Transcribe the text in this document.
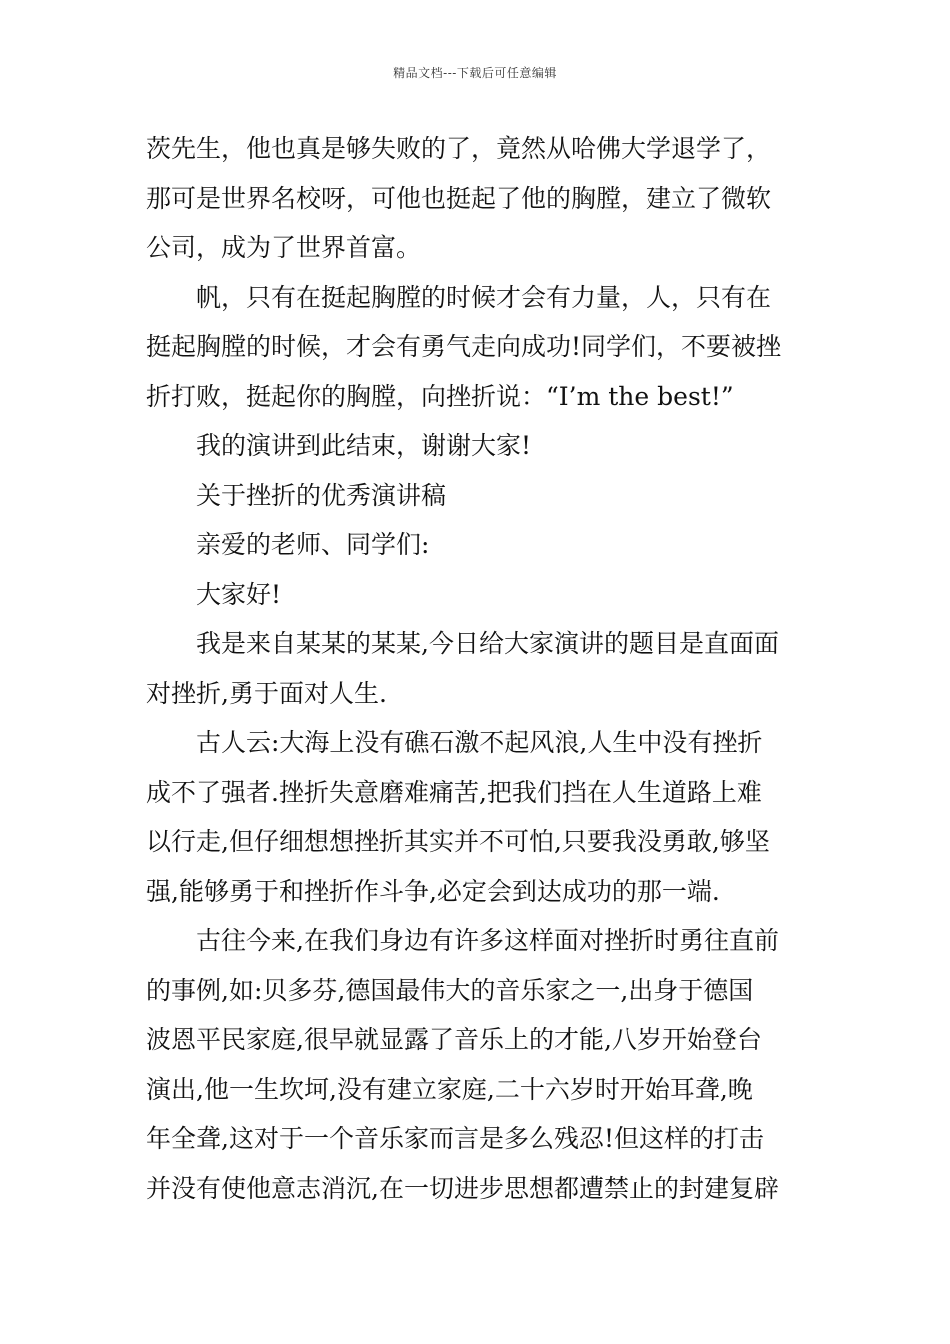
精品文档---下载后可任意编辑
茨先生，他也真是够失败的了，竟然从哈佛大学退学了，
那可是世界名校呀，可他也挺起了他的胸膛，建立了微软
公司，成为了世界首富。
帆，只有在挺起胸膛的时候才会有力量，人，只有在
挺起胸膛的时候，才会有勇气走向成功!同学们，不要被挫
折打败，挺起你的胸膛，向挫折说：“I’m the best!”
我的演讲到此结束，谢谢大家!
关于挫折的优秀演讲稿
亲爱的老师、同学们:
大家好!
我是来自某某的某某,今日给大家演讲的题目是直面面
对挫折,勇于面对人生.
古人云:大海上没有礁石激不起风浪,人生中没有挫折
成不了强者.挫折失意磨难痛苦,把我们挡在人生道路上难
以行走,但仔细想想挫折其实并不可怕,只要我没勇敢,够坚
强,能够勇于和挫折作斗争,必定会到达成功的那一端.
古往今来,在我们身边有许多这样面对挫折时勇往直前
的事例,如:贝多芬,德国最伟大的音乐家之一,出身于德国
波恩平民家庭,很早就显露了音乐上的才能,八岁开始登台
演出,他一生坎坷,没有建立家庭,二十六岁时开始耳聋,晚
年全聋,这对于一个音乐家而言是多么残忍!但这样的打击
并没有使他意志消沉,在一切进步思想都遭禁止的封建复辟
